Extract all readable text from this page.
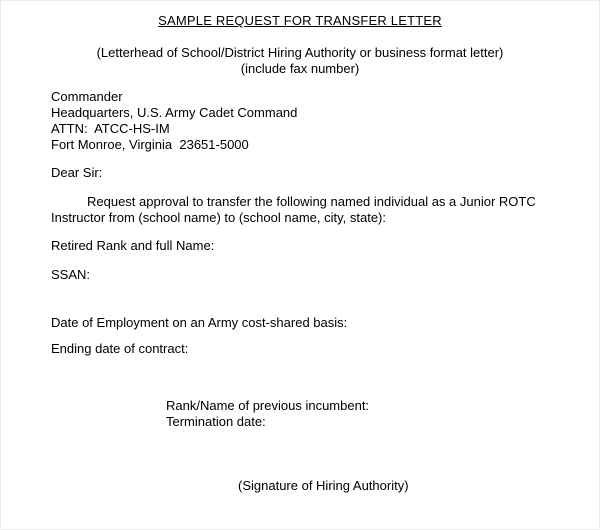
SAMPLE REQUEST FOR TRANSFER LETTER
(Letterhead of School/District Hiring Authority or business format letter)
(include fax number)
Commander
Headquarters, U.S. Army Cadet Command
ATTN:  ATCC-HS-IM
Fort Monroe, Virginia  23651-5000
Dear Sir:

Request approval to transfer the following named individual as a Junior ROTC Instructor from (school name) to (school name, city, state):

Retired Rank and full Name:
SSAN:
Date of Employment on an Army cost-shared basis:
Ending date of contract:
Rank/Name of previous incumbent:
Termination date:
(Signature of Hiring Authority)
